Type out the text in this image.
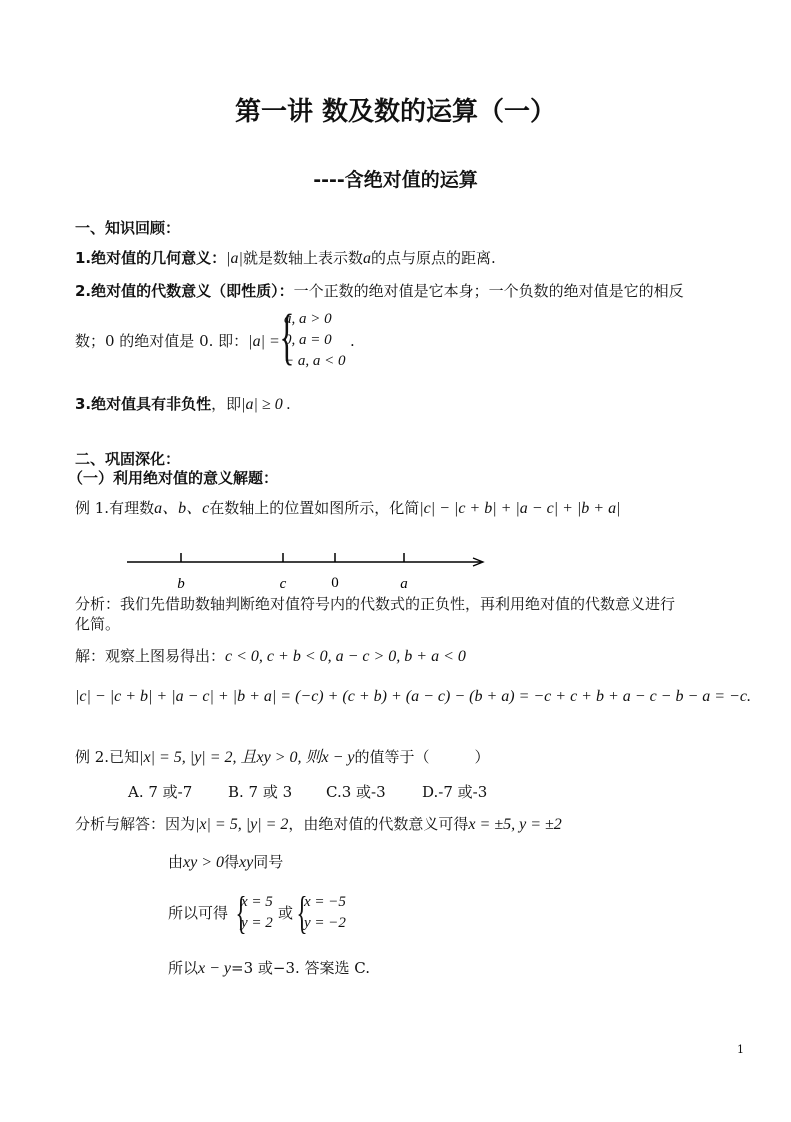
第一讲 数及数的运算（一）
----含绝对值的运算
一、知识回顾：
1.绝对值的几何意义：|a|就是数轴上表示数a的点与原点的距离.
2.绝对值的代数意义（即性质）：一个正数的绝对值是它本身；一个负数的绝对值是它的相反
数；0 的绝对值是 0. 即：|a| = {
a, a > 0
0, a = 0
− a, a < 0
.
3.绝对值具有非负性，即|a| ≥ 0 .
二、巩固深化：
（一）利用绝对值的意义解题：
例 1.有理数a、b、c在数轴上的位置如图所示，化简|c| − |c + b| + |a − c| + |b + a|
b	c	0	a
分析：我们先借助数轴判断绝对值符号内的代数式的正负性，再利用绝对值的代数意义进行
化简。
解：观察上图易得出：c < 0, c + b < 0, a − c > 0, b + a < 0
|c| − |c + b| + |a − c| + |b + a| = (−c) + (c + b) + (a − c) − (b + a) = −c + c + b + a − c − b − a = −c.
例 2.已知|x| = 5, |y| = 2, 且xy > 0, 则x − y的值等于（　　　）
A. 7 或-7 B. 7 或 3 C.3 或-3 D.-7 或-3
分析与解答：因为|x| = 5, |y| = 2，由绝对值的代数意义可得x = ±5, y = ±2
由xy > 0得xy同号
所以可得 {
x = 5
y = 2
或 {
x = −5
y = −2
所以x − y=3 或−3. 答案选 C.
1
